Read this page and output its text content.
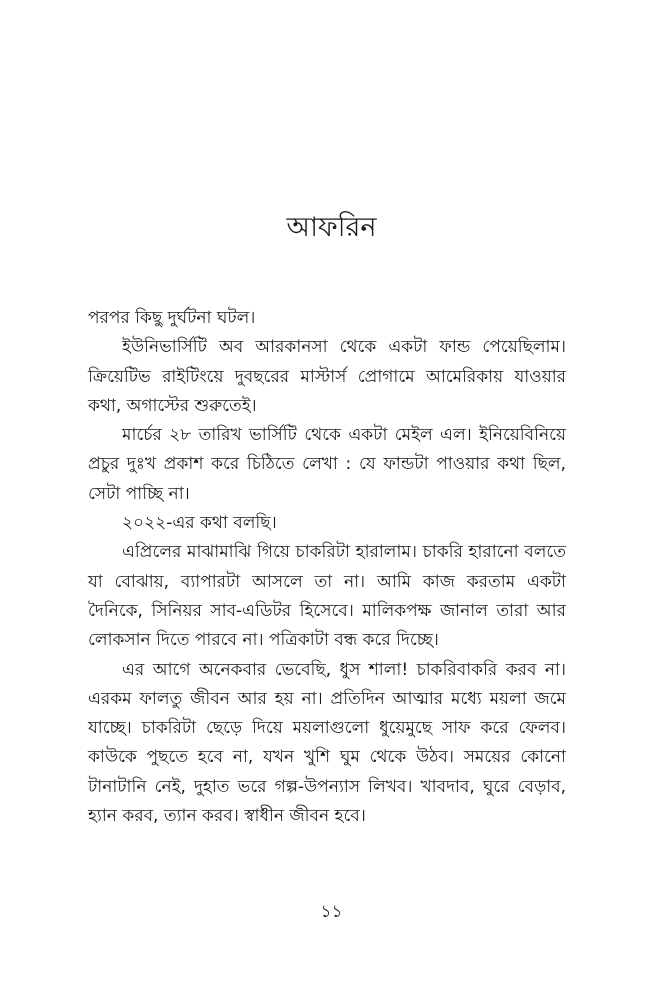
আফরিন

পরপর কিছু দুর্ঘটনা ঘটল।

ইউনিভার্সিটি অব আরকানসা থেকে একটা ফান্ড পেয়েছিলাম। ক্রিয়েটিভ রাইটিংয়ে দুবছরের মাস্টার্স প্রোগামে আমেরিকায় যাওয়ার কথা, অগাস্টের শুরুতেই।

মার্চের ২৮ তারিখ ভার্সিটি থেকে একটা মেইল এল। ইনিয়েবিনিয়ে প্রচুর দুঃখ প্রকাশ করে চিঠিতে লেখা : যে ফান্ডটা পাওয়ার কথা ছিল, সেটা পাচ্ছি না।

২০২২-এর কথা বলছি।

এপ্রিলের মাঝামাঝি গিয়ে চাকরিটা হারালাম। চাকরি হারানো বলতে যা বোঝায়, ব্যাপারটা আসলে তা না। আমি কাজ করতাম একটা দৈনিকে, সিনিয়র সাব-এডিটর হিসেবে। মালিকপক্ষ জানাল তারা আর লোকসান দিতে পারবে না। পত্রিকাটা বন্ধ করে দিচ্ছে।

এর আগে অনেকবার ভেবেছি, ধুস শালা! চাকরিবাকরি করব না। এরকম ফালতু জীবন আর হয় না। প্রতিদিন আত্মার মধ্যে ময়লা জমে যাচ্ছে। চাকরিটা ছেড়ে দিয়ে ময়লাগুলো ধুয়েমুছে সাফ করে ফেলব। কাউকে পুছতে হবে না, যখন খুশি ঘুম থেকে উঠব। সময়ের কোনো টানাটানি নেই, দুহাত ভরে গল্প-উপন্যাস লিখব। খাবদাব, ঘুরে বেড়াব, হ্যান করব, ত্যান করব। স্বাধীন জীবন হবে।

১১
